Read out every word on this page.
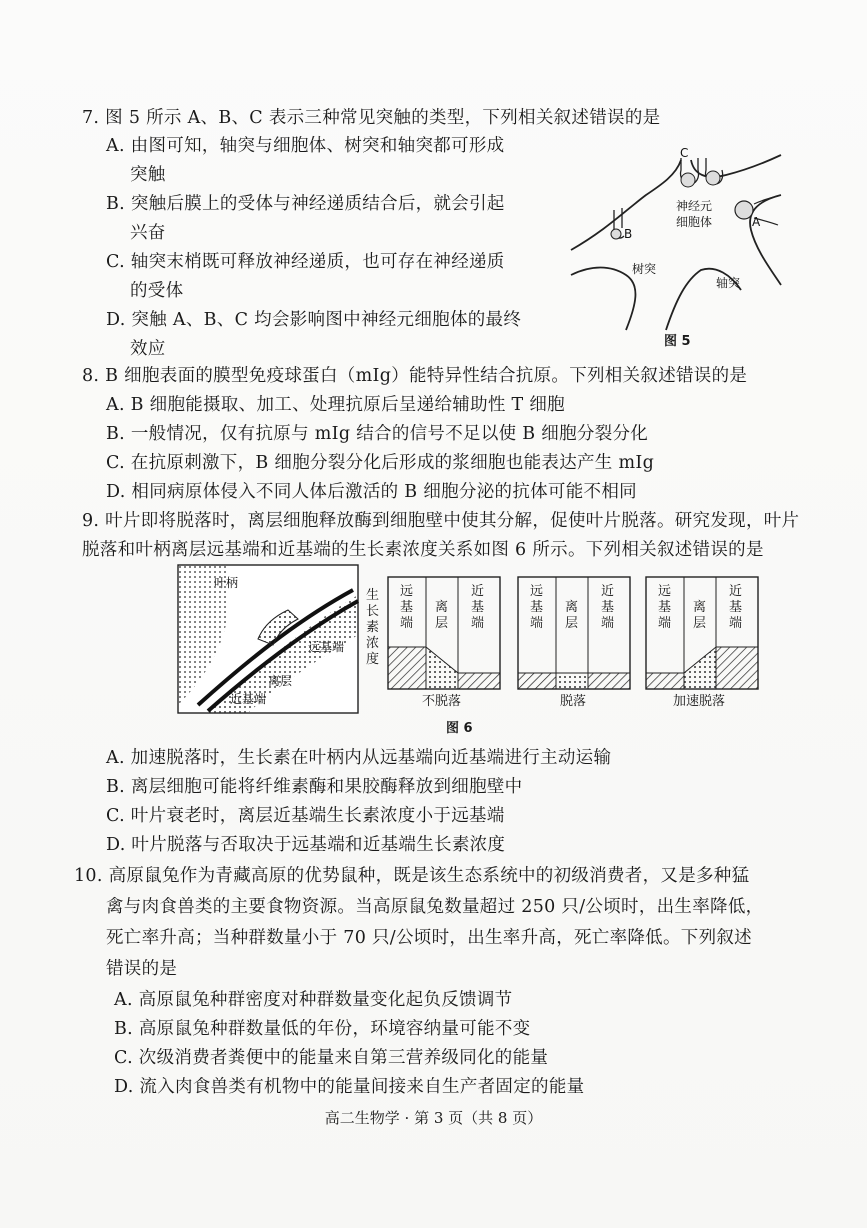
7. 图 5 所示 A、B、C 表示三种常见突触的类型，下列相关叙述错误的是
A. 由图可知，轴突与细胞体、树突和轴突都可形成
突触
B. 突触后膜上的受体与神经递质结合后，就会引起
兴奋
C. 轴突末梢既可释放神经递质，也可存在神经递质
的受体
D. 突触 A、B、C 均会影响图中神经元细胞体的最终
效应
C
B
A
神经元
细胞体
树突
轴突
图 5
8. B 细胞表面的膜型免疫球蛋白（mIg）能特异性结合抗原。下列相关叙述错误的是
A. B 细胞能摄取、加工、处理抗原后呈递给辅助性 T 细胞
B. 一般情况，仅有抗原与 mIg 结合的信号不足以使 B 细胞分裂分化
C. 在抗原刺激下，B 细胞分裂分化后形成的浆细胞也能表达产生 mIg
D. 相同病原体侵入不同人体后激活的 B 细胞分泌的抗体可能不相同
9. 叶片即将脱落时，离层细胞释放酶到细胞壁中使其分解，促使叶片脱落。研究发现，叶片
脱落和叶柄离层远基端和近基端的生长素浓度关系如图 6 所示。下列相关叙述错误的是
叶柄
远基端
离层
近基端
生
长
素
浓
度
远
基
端
离
层
近
基
端
不脱落
远
基
端
离
层
近
基
端
脱落
远
基
端
离
层
近
基
端
加速脱落
图 6
A. 加速脱落时，生长素在叶柄内从远基端向近基端进行主动运输
B. 离层细胞可能将纤维素酶和果胶酶释放到细胞壁中
C. 叶片衰老时，离层近基端生长素浓度小于远基端
D. 叶片脱落与否取决于远基端和近基端生长素浓度
10. 高原鼠兔作为青藏高原的优势鼠种，既是该生态系统中的初级消费者，又是多种猛
禽与肉食兽类的主要食物资源。当高原鼠兔数量超过 250 只/公顷时，出生率降低，
死亡率升高；当种群数量小于 70 只/公顷时，出生率升高，死亡率降低。下列叙述
错误的是
A. 高原鼠兔种群密度对种群数量变化起负反馈调节
B. 高原鼠兔种群数量低的年份，环境容纳量可能不变
C. 次级消费者粪便中的能量来自第三营养级同化的能量
D. 流入肉食兽类有机物中的能量间接来自生产者固定的能量
高二生物学 · 第 3 页（共 8 页）
